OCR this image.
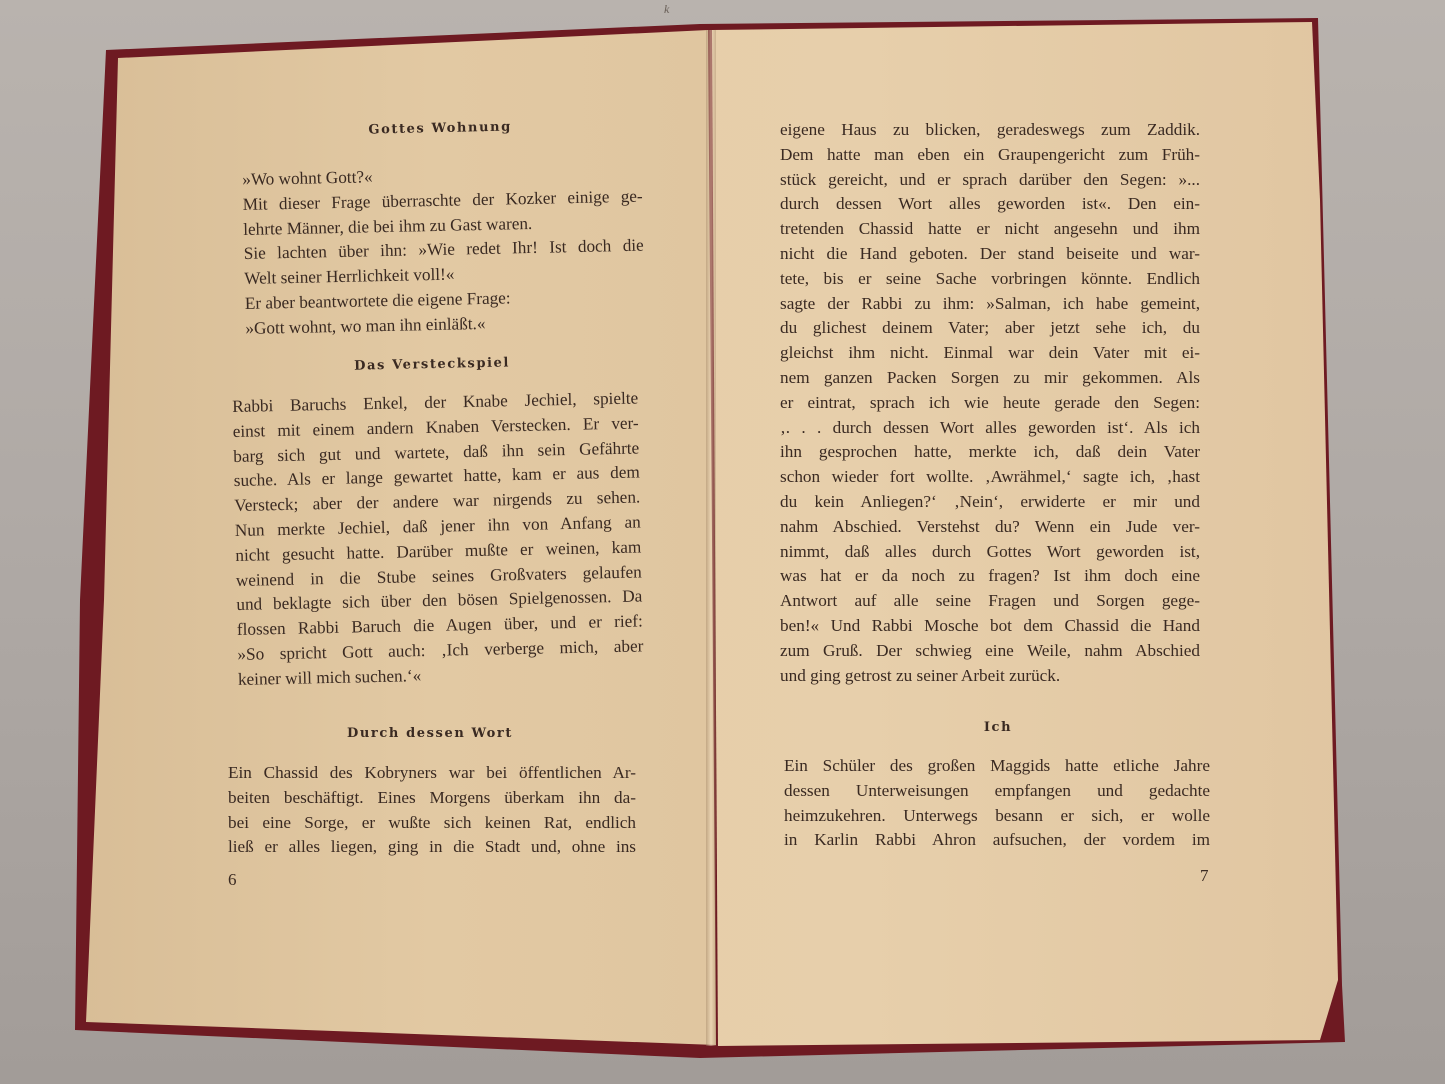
k
Gottes Wohnung
»Wo wohnt Gott?«
Mit dieser Frage überraschte der Kozker einige ge-
lehrte Männer, die bei ihm zu Gast waren.
Sie lachten über ihn: »Wie redet Ihr! Ist doch die
Welt seiner Herrlichkeit voll!«
Er aber beantwortete die eigene Frage:
»Gott wohnt, wo man ihn einläßt.«
Das Versteckspiel
Rabbi Baruchs Enkel, der Knabe Jechiel, spielte
einst mit einem andern Knaben Verstecken. Er ver-
barg sich gut und wartete, daß ihn sein Gefährte
suche. Als er lange gewartet hatte, kam er aus dem
Versteck; aber der andere war nirgends zu sehen.
Nun merkte Jechiel, daß jener ihn von Anfang an
nicht gesucht hatte. Darüber mußte er weinen, kam
weinend in die Stube seines Großvaters gelaufen
und beklagte sich über den bösen Spielgenossen. Da
flossen Rabbi Baruch die Augen über, und er rief:
»So spricht Gott auch: ‚Ich verberge mich, aber
keiner will mich suchen.‘«
Durch dessen Wort
Ein Chassid des Kobryners war bei öffentlichen Ar-
beiten beschäftigt. Eines Morgens überkam ihn da-
bei eine Sorge, er wußte sich keinen Rat, endlich
ließ er alles liegen, ging in die Stadt und, ohne ins
6
eigene Haus zu blicken, geradeswegs zum Zaddik.
Dem hatte man eben ein Graupengericht zum Früh-
stück gereicht, und er sprach darüber den Segen: »...
durch dessen Wort alles geworden ist«. Den ein-
tretenden Chassid hatte er nicht angesehn und ihm
nicht die Hand geboten. Der stand beiseite und war-
tete, bis er seine Sache vorbringen könnte. Endlich
sagte der Rabbi zu ihm: »Salman, ich habe gemeint,
du glichest deinem Vater; aber jetzt sehe ich, du
gleichst ihm nicht. Einmal war dein Vater mit ei-
nem ganzen Packen Sorgen zu mir gekommen. Als
er eintrat, sprach ich wie heute gerade den Segen:
‚. . . durch dessen Wort alles geworden ist‘. Als ich
ihn gesprochen hatte, merkte ich, daß dein Vater
schon wieder fort wollte. ‚Awrähmel,‘ sagte ich, ‚hast
du kein Anliegen?‘ ‚Nein‘, erwiderte er mir und
nahm Abschied. Verstehst du? Wenn ein Jude ver-
nimmt, daß alles durch Gottes Wort geworden ist,
was hat er da noch zu fragen? Ist ihm doch eine
Antwort auf alle seine Fragen und Sorgen gege-
ben!« Und Rabbi Mosche bot dem Chassid die Hand
zum Gruß. Der schwieg eine Weile, nahm Abschied
und ging getrost zu seiner Arbeit zurück.
Ich
Ein Schüler des großen Maggids hatte etliche Jahre
dessen Unterweisungen empfangen und gedachte
heimzukehren. Unterwegs besann er sich, er wolle
in Karlin Rabbi Ahron aufsuchen, der vordem im
7
